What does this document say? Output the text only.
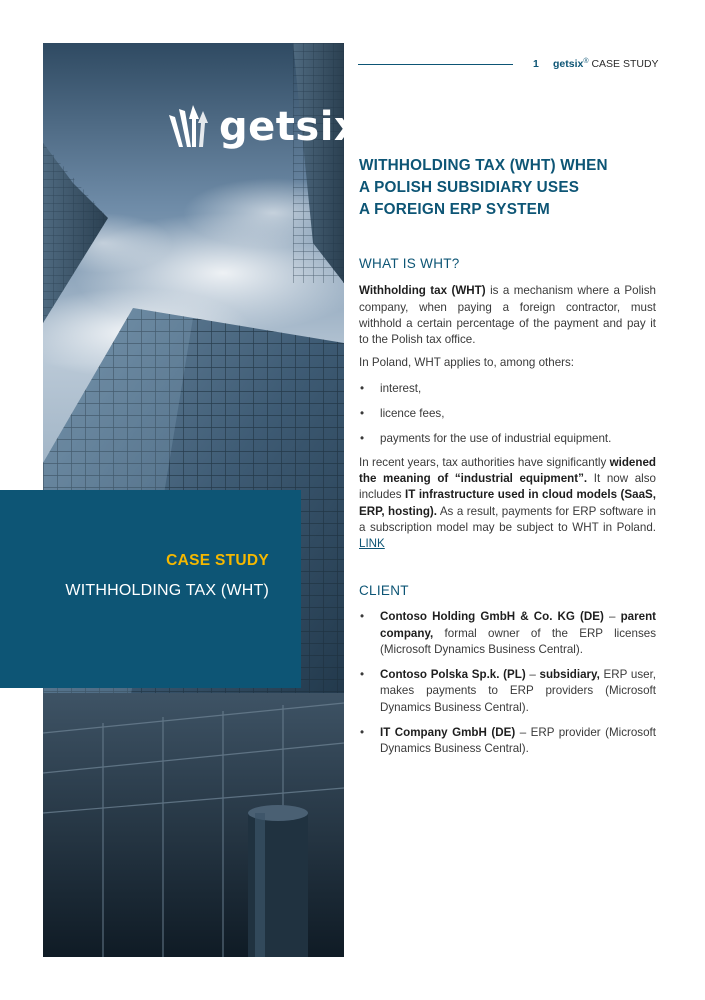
getsix ®
CASE STUDY
WITHHOLDING TAX (WHT)
1 getsix® CASE STUDY
WITHHOLDING TAX (WHT) WHEN
A POLISH SUBSIDIARY USES
A FOREIGN ERP SYSTEM
WHAT IS WHT?

Withholding tax (WHT) is a mechanism where a Polish company, when paying a foreign contractor, must withhold a certain percentage of the payment and pay it to the Polish tax office.

In Poland, WHT applies to, among others:

• interest,

• licence fees,

• payments for the use of industrial equipment.

In recent years, tax authorities have significantly widened the meaning of “industrial equipment”. It now also includes IT infrastructure used in cloud models (SaaS, ERP, hosting). As a result, payments for ERP software in a subscription model may be subject to WHT in Poland. LINK

CLIENT

• Contoso Holding GmbH & Co. KG (DE) – parent company, formal owner of the ERP licenses (Microsoft Dynamics Business Central).

• Contoso Polska Sp.k. (PL) – subsidiary, ERP user, makes payments to ERP providers (Microsoft Dynamics Business Central).

• IT Company GmbH (DE) – ERP provider (Microsoft Dynamics Business Central).
